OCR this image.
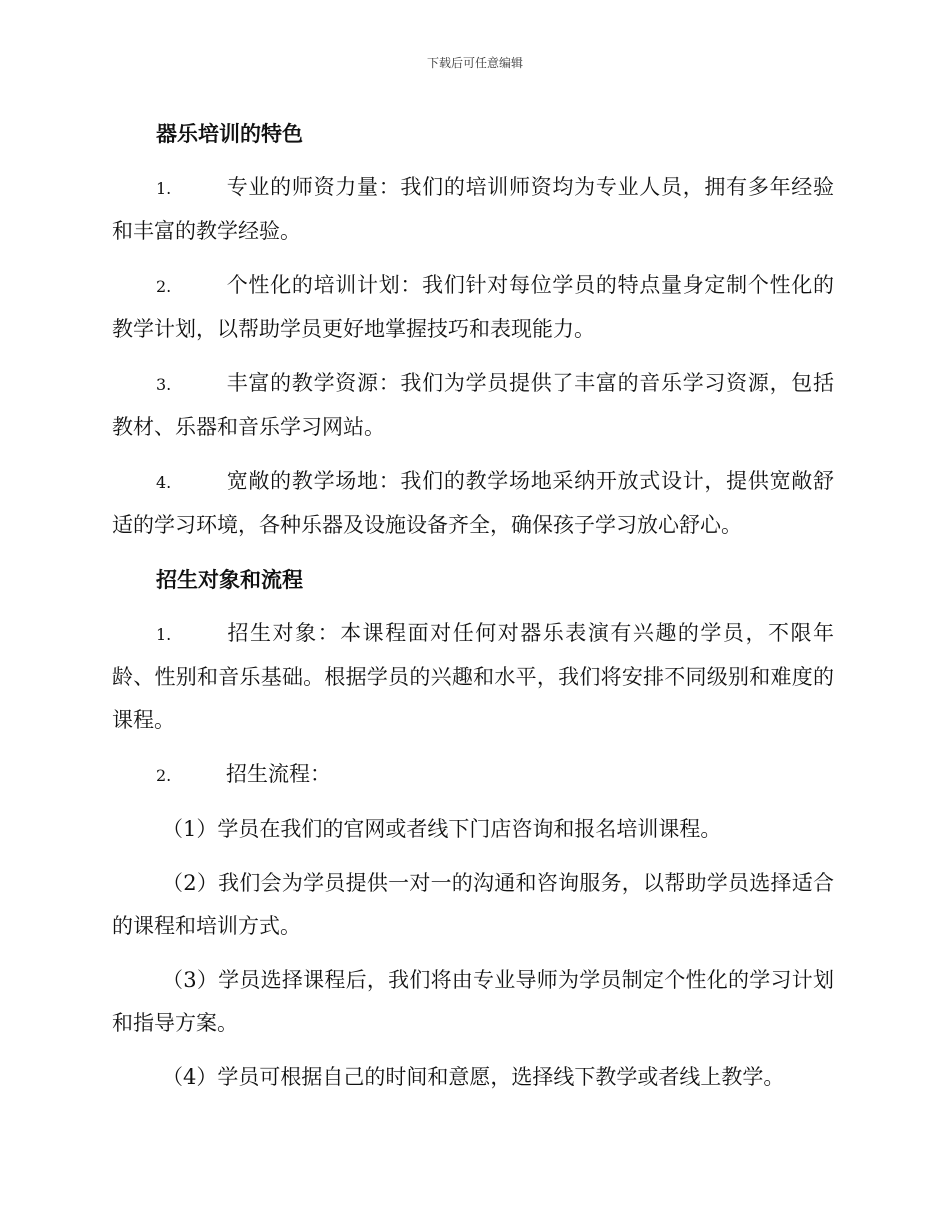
下载后可任意编辑
器乐培训的特色

1.	专业的师资力量：我们的培训师资均为专业人员，拥有多年经验和丰富的教学经验。

2.	个性化的培训计划：我们针对每位学员的特点量身定制个性化的教学计划，以帮助学员更好地掌握技巧和表现能力。

3.	丰富的教学资源：我们为学员提供了丰富的音乐学习资源，包括教材、乐器和音乐学习网站。

4.	宽敞的教学场地：我们的教学场地采纳开放式设计，提供宽敞舒适的学习环境，各种乐器及设施设备齐全，确保孩子学习放心舒心。

招生对象和流程

1.	招生对象：本课程面对任何对器乐表演有兴趣的学员，不限年龄、性别和音乐基础。根据学员的兴趣和水平，我们将安排不同级别和难度的课程。

2.	招生流程：

（1）学员在我们的官网或者线下门店咨询和报名培训课程。

（2）我们会为学员提供一对一的沟通和咨询服务，以帮助学员选择适合的课程和培训方式。

（3）学员选择课程后，我们将由专业导师为学员制定个性化的学习计划和指导方案。

（4）学员可根据自己的时间和意愿，选择线下教学或者线上教学。
